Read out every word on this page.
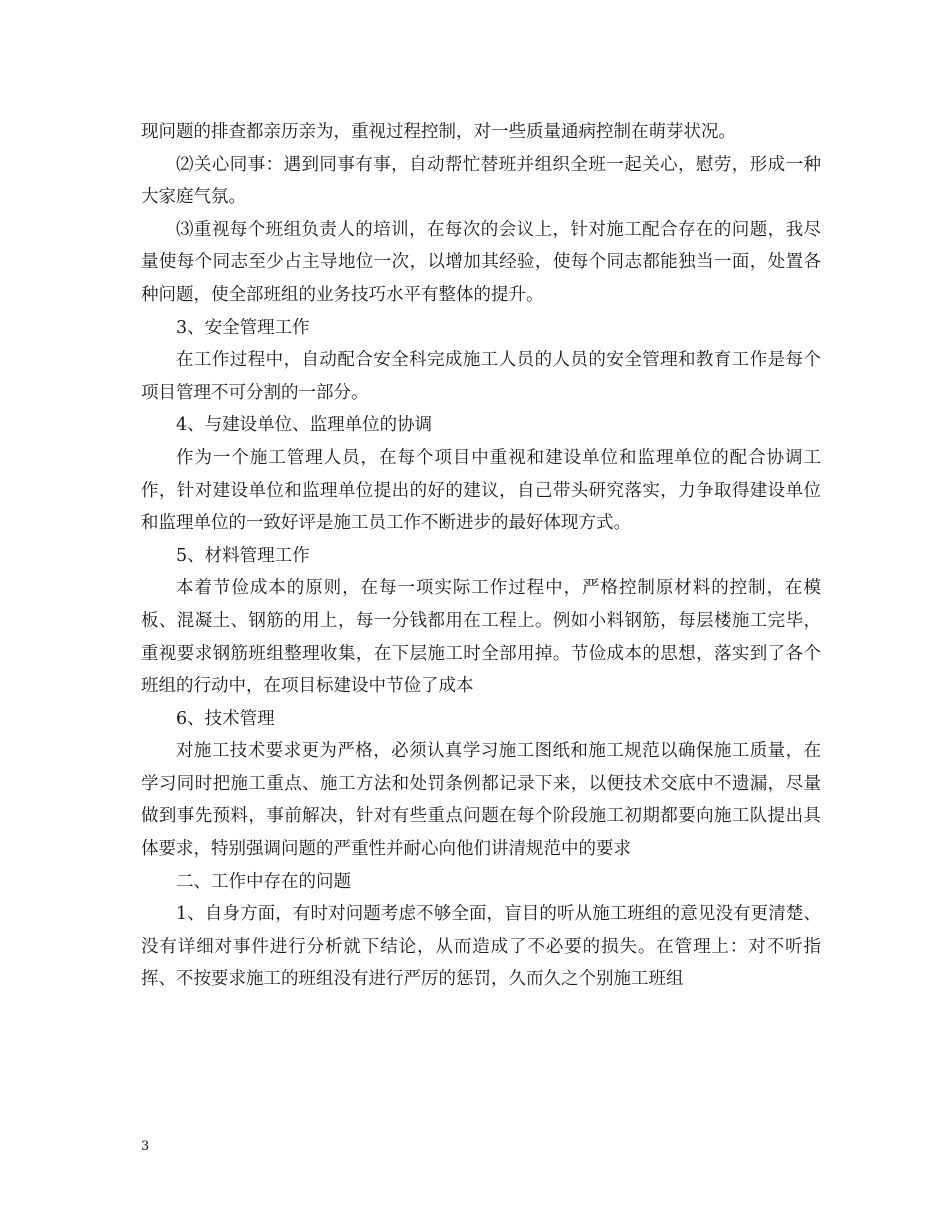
现问题的排查都亲历亲为，重视过程控制，对一些质量通病控制在萌芽状况。

⑵关心同事：遇到同事有事，自动帮忙替班并组织全班一起关心，慰劳，形成一种大家庭气氛。

⑶重视每个班组负责人的培训，在每次的会议上，针对施工配合存在的问题，我尽量使每个同志至少占主导地位一次，以增加其经验，使每个同志都能独当一面，处置各种问题，使全部班组的业务技巧水平有整体的提升。

3、安全管理工作

在工作过程中，自动配合安全科完成施工人员的人员的安全管理和教育工作是每个项目管理不可分割的一部分。

4、与建设单位、监理单位的协调

作为一个施工管理人员，在每个项目中重视和建设单位和监理单位的配合协调工作，针对建设单位和监理单位提出的好的建议，自己带头研究落实，力争取得建设单位和监理单位的一致好评是施工员工作不断进步的最好体现方式。

5、材料管理工作

本着节俭成本的原则，在每一项实际工作过程中，严格控制原材料的控制，在模板、混凝土、钢筋的用上，每一分钱都用在工程上。例如小料钢筋，每层楼施工完毕，重视要求钢筋班组整理收集，在下层施工时全部用掉。节俭成本的思想，落实到了各个班组的行动中，在项目标建设中节俭了成本

6、技术管理

对施工技术要求更为严格，必须认真学习施工图纸和施工规范以确保施工质量，在学习同时把施工重点、施工方法和处罚条例都记录下来，以便技术交底中不遗漏，尽量做到事先预料，事前解决，针对有些重点问题在每个阶段施工初期都要向施工队提出具体要求，特别强调问题的严重性并耐心向他们讲清规范中的要求

二、工作中存在的问题

1、自身方面，有时对问题考虑不够全面，盲目的听从施工班组的意见没有更清楚、没有详细对事件进行分析就下结论，从而造成了不必要的损失。在管理上：对不听指挥、不按要求施工的班组没有进行严厉的惩罚，久而久之个别施工班组

3
